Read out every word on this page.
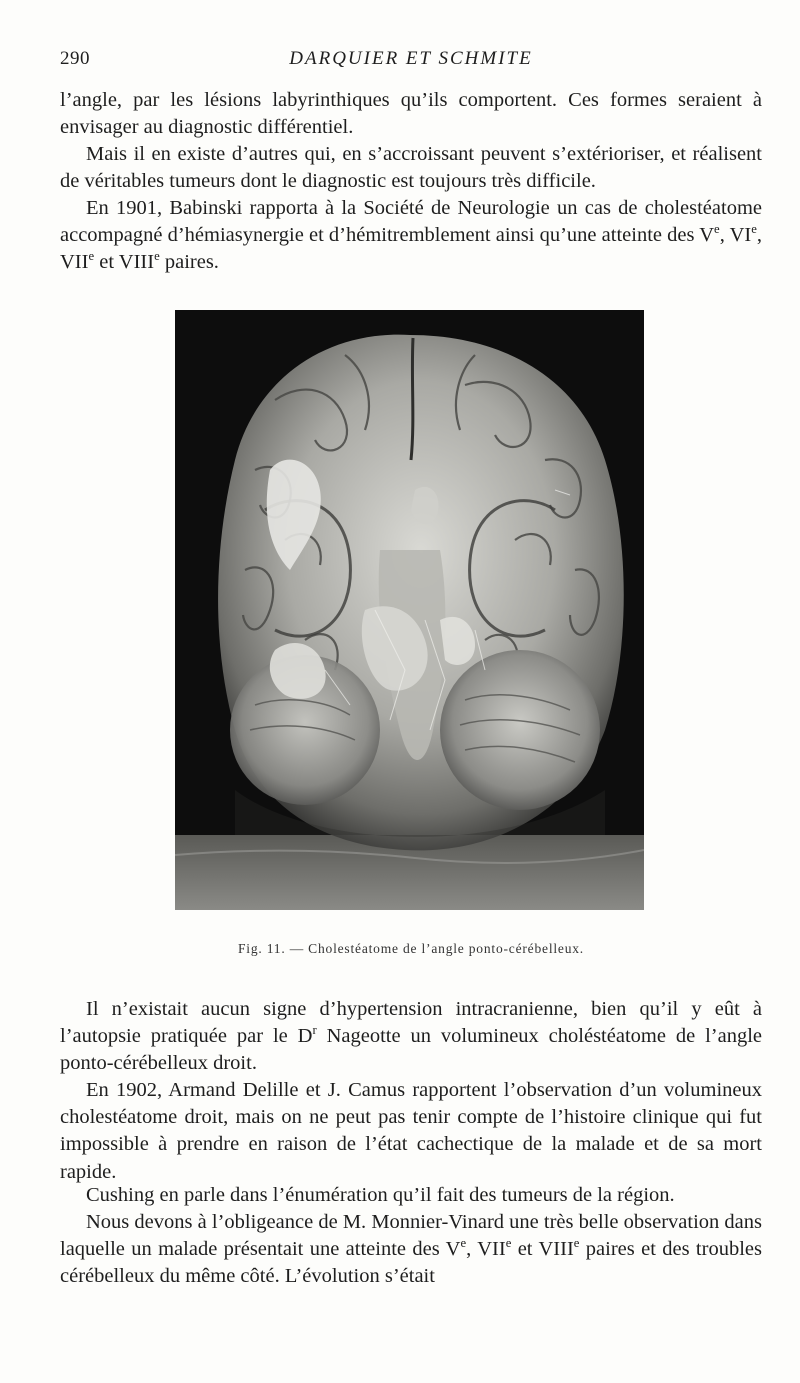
290	DARQUIER ET SCHMITE

l’angle, par les lésions labyrinthiques qu’ils comportent. Ces formes seraient à envisager au diagnostic différentiel.

Mais il en existe d’autres qui, en s’accroissant peuvent s’extérioriser, et réalisent de véritables tumeurs dont le diagnostic est toujours très difficile.

En 1901, Babinski rapporta à la Société de Neurologie un cas de cholestéatome accompagné d’hémiasynergie et d’hémitremblement ainsi qu’une atteinte des Ve, VIe, VIIe et VIIIe paires.

Fig. 11. — Cholestéatome de l’angle ponto-cérébelleux.

Il n’existait aucun signe d’hypertension intracranienne, bien qu’il y eût à l’autopsie pratiquée par le $D^r$ Nageotte un volumineux choléstéatome de l’angle ponto-cérébelleux droit.

En 1902, Armand Delille et J. Camus rapportent l’observation d’un volumineux cholestéatome droit, mais on ne peut pas tenir compte de l’histoire clinique qui fut impossible à prendre en raison de l’état cachectique de la malade et de sa mort rapide.

Cushing en parle dans l’énumération qu’il fait des tumeurs de la région.

Nous devons à l’obligeance de M. Monnier-Vinard une très belle observation dans laquelle un malade présentait une atteinte des Ve, VIIe et VIIIe paires et des troubles cérébelleux du même côté. L’évolution s’était
